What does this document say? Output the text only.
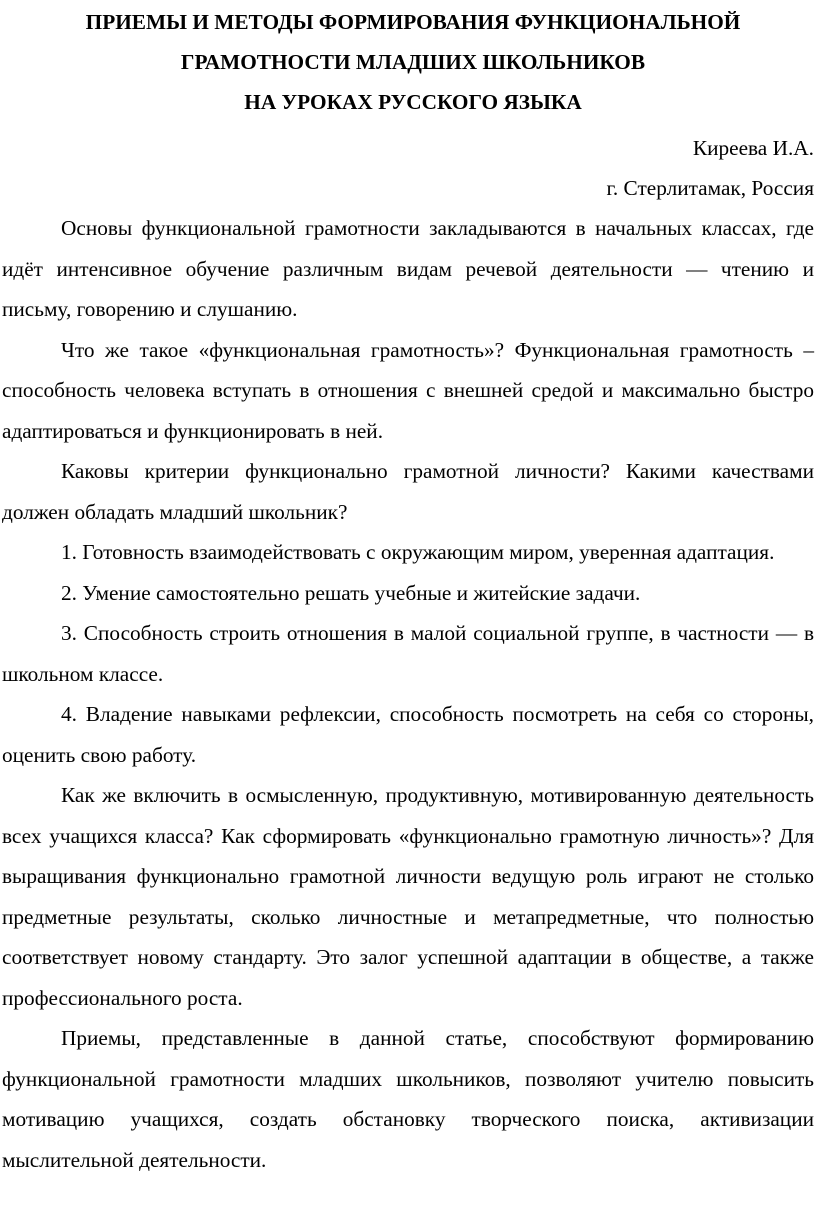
ПРИЕМЫ И МЕТОДЫ ФОРМИРОВАНИЯ ФУНКЦИОНАЛЬНОЙ
ГРАМОТНОСТИ МЛАДШИХ ШКОЛЬНИКОВ
НА УРОКАХ РУССКОГО ЯЗЫКА

Киреева И.А.

г. Стерлитамак, Россия

Основы функциональной грамотности закладываются в начальных классах, где идёт интенсивное обучение различным видам речевой деятельности — чтению и письму, говорению и слушанию.

Что же такое «функциональная грамотность»? Функциональная грамотность – способность человека вступать в отношения с внешней средой и максимально быстро адаптироваться и функционировать в ней.

Каковы критерии функционально грамотной личности? Какими качествами должен обладать младший школьник?

1. Готовность взаимодействовать с окружающим миром, уверенная адаптация.

2. Умение самостоятельно решать учебные и житейские задачи.

3. Способность строить отношения в малой социальной группе, в частности — в школьном классе.

4. Владение навыками рефлексии, способность посмотреть на себя со стороны, оценить свою работу.

Как же включить в осмысленную, продуктивную, мотивированную деятельность всех учащихся класса? Как сформировать «функционально грамотную личность»? Для выращивания функционально грамотной личности ведущую роль играют не столько предметные результаты, сколько личностные и метапредметные, что полностью соответствует новому стандарту. Это залог успешной адаптации в обществе, а также профессионального роста.

Приемы, представленные в данной статье, способствуют формированию функциональной грамотности младших школьников, позволяют учителю повысить мотивацию учащихся, создать обстановку творческого поиска, активизации мыслительной деятельности.
